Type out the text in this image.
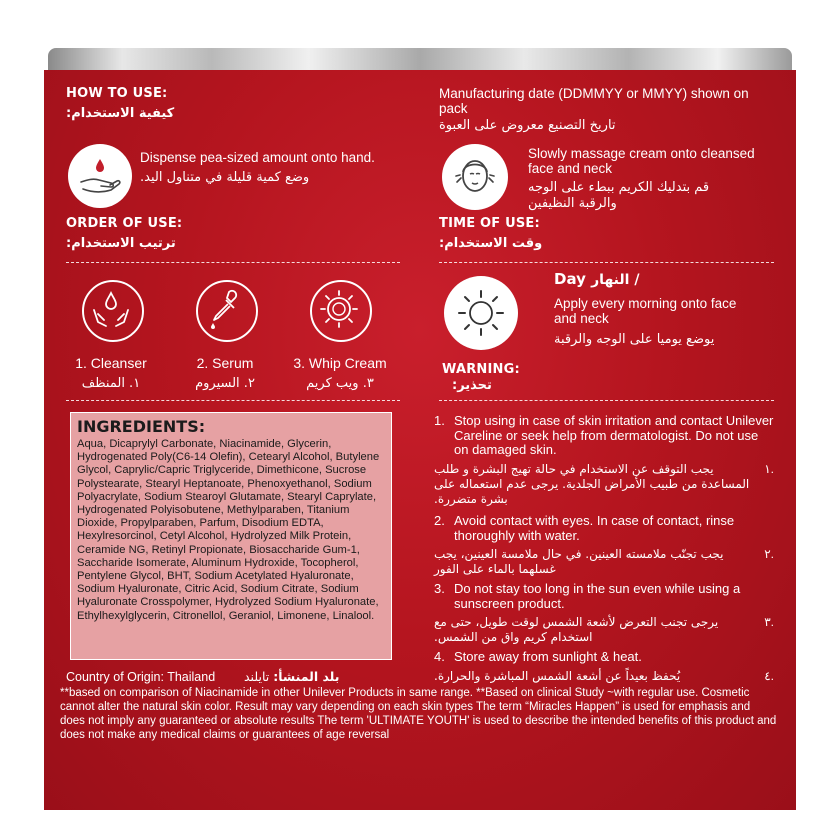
HOW TO USE:
كيفية الاستخدام:
Manufacturing date (DDMMYY or MMYY) shown on pack
تاريخ التصنيع معروض على العبوة
Dispense pea-sized amount onto hand.
وضع كمية قليلة في متناول اليد.
Slowly massage cream onto cleansed face and neck
قم بتدليك الكريم ببطء على الوجه
والرقبة النظيفين
ORDER OF USE:
ترتيب الاستخدام:
TIME OF USE:
وقت الاستخدام:
1. Cleanser	2. Serum	3. Whip Cream
١. المنظف	٢. السيروم	٣. ويب كريم
Day النهار /
Apply every morning onto face and neck
يوضع يوميا على الوجه والرقبة
WARNING:
تحذير:
INGREDIENTS:
Aqua, Dicaprylyl Carbonate, Niacinamide, Glycerin, Hydrogenated Poly(C6-14 Olefin), Cetearyl Alcohol, Butylene Glycol, Caprylic/Capric Triglyceride, Dimethicone, Sucrose Polystearate, Stearyl Heptanoate, Phenoxyethanol, Sodium Polyacrylate, Sodium Stearoyl Glutamate, Stearyl Caprylate, Hydrogenated Polyisobutene, Methylparaben, Titanium Dioxide, Propylparaben, Parfum, Disodium EDTA, Hexylresorcinol, Cetyl Alcohol, Hydrolyzed Milk Protein, Ceramide NG, Retinyl Propionate, Biosaccharide Gum-1, Saccharide Isomerate, Aluminum Hydroxide, Tocopherol, Pentylene Glycol, BHT, Sodium Acetylated Hyaluronate, Sodium Hyaluronate, Citric Acid, Sodium Citrate, Sodium Hyaluronate Crosspolymer, Hydrolyzed Sodium Hyaluronate, Ethylhexylglycerin, Citronellol, Geraniol, Limonene, Linalool.
1. Stop using in case of skin irritation and contact Unilever Careline or seek help from dermatologist. Do not use on damaged skin.
يجب التوقف عن الاستخدام في حالة تهيج البشرة و طلب المساعدة من طبيب الأمراض الجلدية. يرجى عدم استعماله على بشرة متضررة.
١.
2. Avoid contact with eyes. In case of contact, rinse thoroughly with water.
يجب تجنّب ملامسته العينين. في حال ملامسة العينين، يجب غسلهما بالماء على الفور
٢.
3. Do not stay too long in the sun even while using a sunscreen product.
يرجى تجنب التعرض لأشعة الشمس لوقت طويل، حتى مع استخدام كريم واق من الشمس.
٣.
4. Store away from sunlight & heat.
يُحفظ بعيداً عن أشعة الشمس المباشرة والحرارة.	٤.
Country of Origin: Thailand	بلد المنشأ: تايلند
**based on comparison of Niacinamide in other Unilever Products in same range. **Based on clinical Study ~with regular use. Cosmetic cannot alter the natural skin color. Result may vary depending on each skin types The term “Miracles Happen” is used for emphasis and does not imply any guaranteed or absolute results The term 'ULTIMATE YOUTH' is used to describe the intended benefits of this product and does not make any medical claims or guarantees of age reversal
